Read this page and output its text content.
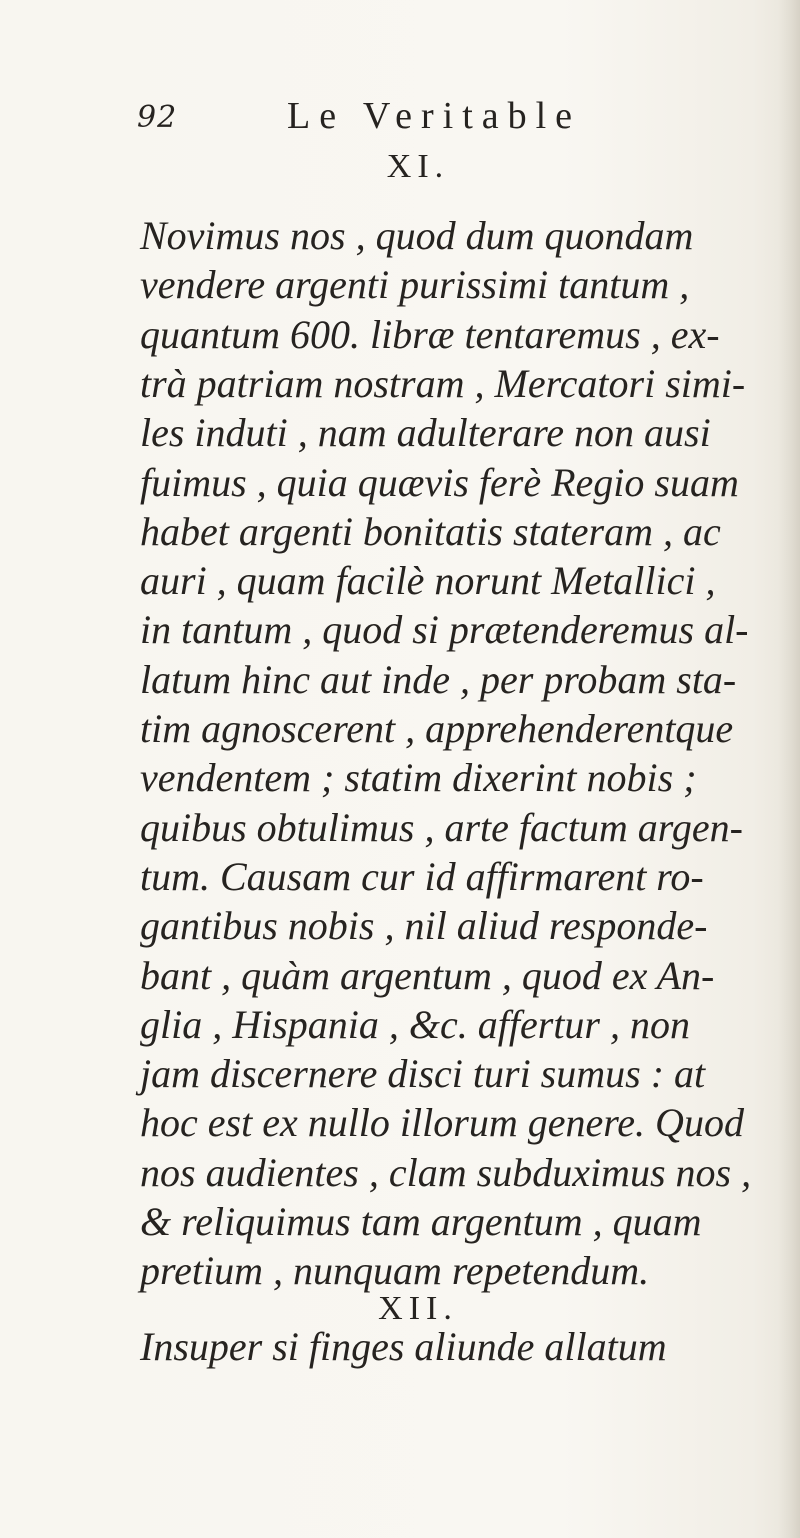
92	Le Veritable
XI.
Novimus nos , quod dum quondam
vendere argenti purissimi tantum ,
quantum 600. libræ tentaremus , ex-
trà patriam nostram , Mercatori simi-
les induti , nam adulterare non ausi
fuimus , quia quævis ferè Regio suam
habet argenti bonitatis stateram , ac
auri , quam facilè norunt Metallici ,
in tantum , quod si prætenderemus al-
latum hinc aut inde , per probam sta-
tim agnoscerent , apprehenderentque
vendentem ; statim dixerint nobis ;
quibus obtulimus , arte factum argen-
tum. Causam cur id affirmarent ro-
gantibus nobis , nil aliud responde-
bant , quàm argentum , quod ex An-
glia , Hispania , &c. affertur , non
jam discernere disci turi sumus : at
hoc est ex nullo illorum genere. Quod
nos audientes , clam subduximus nos ,
& reliquimus tam argentum , quam
pretium , nunquam repetendum.
XII.
Insuper si finges aliunde allatum
